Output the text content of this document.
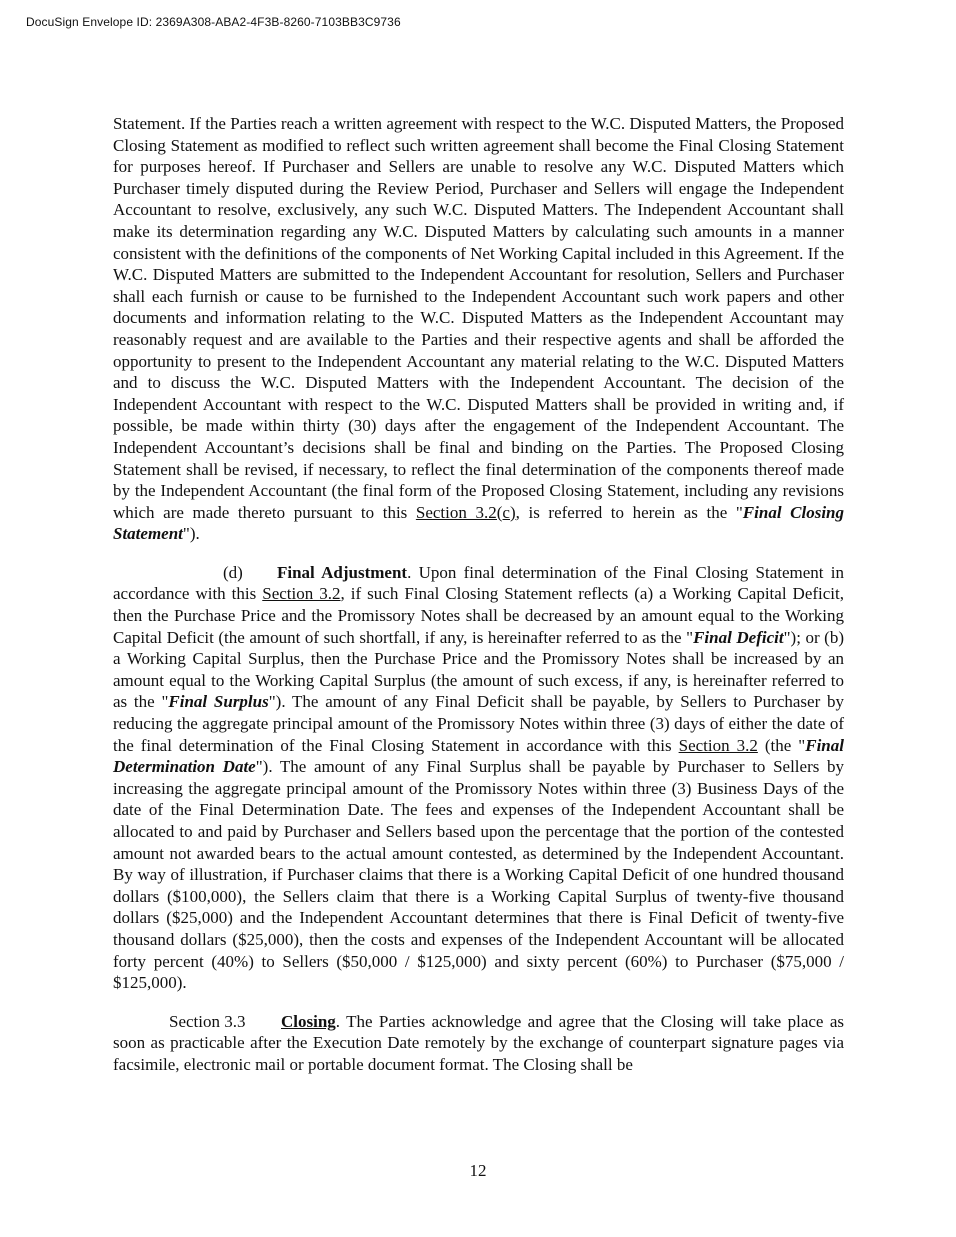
DocuSign Envelope ID: 2369A308-ABA2-4F3B-8260-7103BB3C9736

Statement. If the Parties reach a written agreement with respect to the W.C. Disputed Matters, the Proposed Closing Statement as modified to reflect such written agreement shall become the Final Closing Statement for purposes hereof. If Purchaser and Sellers are unable to resolve any W.C. Disputed Matters which Purchaser timely disputed during the Review Period, Purchaser and Sellers will engage the Independent Accountant to resolve, exclusively, any such W.C. Disputed Matters. The Independent Accountant shall make its determination regarding any W.C. Disputed Matters by calculating such amounts in a manner consistent with the definitions of the components of Net Working Capital included in this Agreement. If the W.C. Disputed Matters are submitted to the Independent Accountant for resolution, Sellers and Purchaser shall each furnish or cause to be furnished to the Independent Accountant such work papers and other documents and information relating to the W.C. Disputed Matters as the Independent Accountant may reasonably request and are available to the Parties and their respective agents and shall be afforded the opportunity to present to the Independent Accountant any material relating to the W.C. Disputed Matters and to discuss the W.C. Disputed Matters with the Independent Accountant. The decision of the Independent Accountant with respect to the W.C. Disputed Matters shall be provided in writing and, if possible, be made within thirty (30) days after the engagement of the Independent Accountant. The Independent Accountant’s decisions shall be final and binding on the Parties. The Proposed Closing Statement shall be revised, if necessary, to reflect the final determination of the components thereof made by the Independent Accountant (the final form of the Proposed Closing Statement, including any revisions which are made thereto pursuant to this Section 3.2(c), is referred to herein as the "Final Closing Statement").

(d) Final Adjustment. Upon final determination of the Final Closing Statement in accordance with this Section 3.2, if such Final Closing Statement reflects (a) a Working Capital Deficit, then the Purchase Price and the Promissory Notes shall be decreased by an amount equal to the Working Capital Deficit (the amount of such shortfall, if any, is hereinafter referred to as the "Final Deficit"); or (b) a Working Capital Surplus, then the Purchase Price and the Promissory Notes shall be increased by an amount equal to the Working Capital Surplus (the amount of such excess, if any, is hereinafter referred to as the "Final Surplus"). The amount of any Final Deficit shall be payable, by Sellers to Purchaser by reducing the aggregate principal amount of the Promissory Notes within three (3) days of either the date of the final determination of the Final Closing Statement in accordance with this Section 3.2 (the "Final Determination Date"). The amount of any Final Surplus shall be payable by Purchaser to Sellers by increasing the aggregate principal amount of the Promissory Notes within three (3) Business Days of the date of the Final Determination Date. The fees and expenses of the Independent Accountant shall be allocated to and paid by Purchaser and Sellers based upon the percentage that the portion of the contested amount not awarded bears to the actual amount contested, as determined by the Independent Accountant. By way of illustration, if Purchaser claims that there is a Working Capital Deficit of one hundred thousand dollars ($100,000), the Sellers claim that there is a Working Capital Surplus of twenty-five thousand dollars ($25,000) and the Independent Accountant determines that there is Final Deficit of twenty-five thousand dollars ($25,000), then the costs and expenses of the Independent Accountant will be allocated forty percent (40%) to Sellers ($50,000 / $125,000) and sixty percent (60%) to Purchaser ($75,000 / $125,000).

Section 3.3 Closing. The Parties acknowledge and agree that the Closing will take place as soon as practicable after the Execution Date remotely by the exchange of counterpart signature pages via facsimile, electronic mail or portable document format. The Closing shall be

12
